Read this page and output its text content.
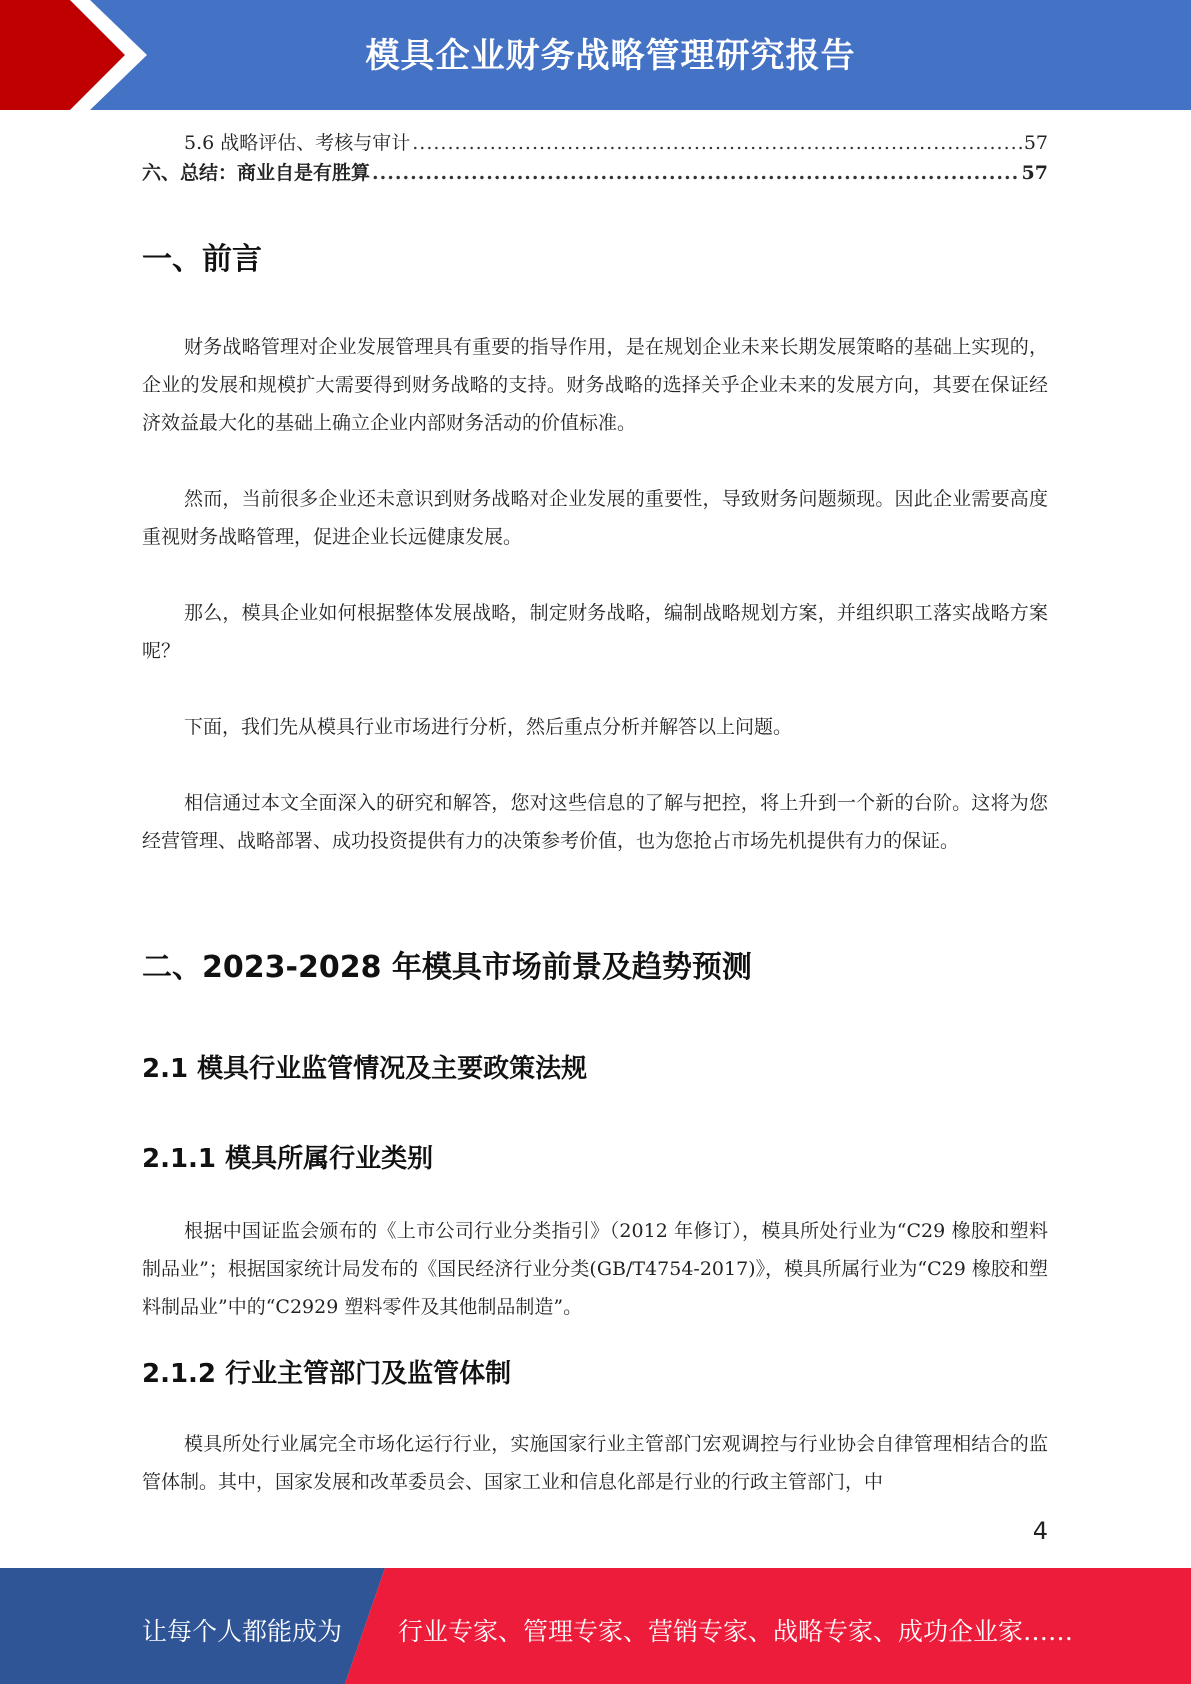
模具企业财务战略管理研究报告
5.6 战略评估、考核与审计 .....	57
六、总结：商业自是有胜算 .....	57
一、前言

财务战略管理对企业发展管理具有重要的指导作用，是在规划企业未来长期发展策略的基础上实现的，企业的发展和规模扩大需要得到财务战略的支持。财务战略的选择关乎企业未来的发展方向，其要在保证经济效益最大化的基础上确立企业内部财务活动的价值标准。

然而，当前很多企业还未意识到财务战略对企业发展的重要性，导致财务问题频现。因此企业需要高度重视财务战略管理，促进企业长远健康发展。

那么，模具企业如何根据整体发展战略，制定财务战略，编制战略规划方案，并组织职工落实战略方案呢？

下面，我们先从模具行业市场进行分析，然后重点分析并解答以上问题。

相信通过本文全面深入的研究和解答，您对这些信息的了解与把控，将上升到一个新的台阶。这将为您经营管理、战略部署、成功投资提供有力的决策参考价值，也为您抢占市场先机提供有力的保证。

二、2023-2028 年模具市场前景及趋势预测
2.1 模具行业监管情况及主要政策法规
2.1.1 模具所属行业类别

根据中国证监会颁布的《上市公司行业分类指引》（2012 年修订），模具所处行业为“C29 橡胶和塑料制品业”；根据国家统计局发布的《国民经济行业分类(GB/T4754-2017)》，模具所属行业为“C29 橡胶和塑料制品业”中的“C2929 塑料零件及其他制品制造”。

2.1.2 行业主管部门及监管体制

模具所处行业属完全市场化运行行业，实施国家行业主管部门宏观调控与行业协会自律管理相结合的监管体制。其中，国家发展和改革委员会、国家工业和信息化部是行业的行政主管部门，中

4
让每个人都能成为 行业专家、管理专家、营销专家、战略专家、成功企业家……
